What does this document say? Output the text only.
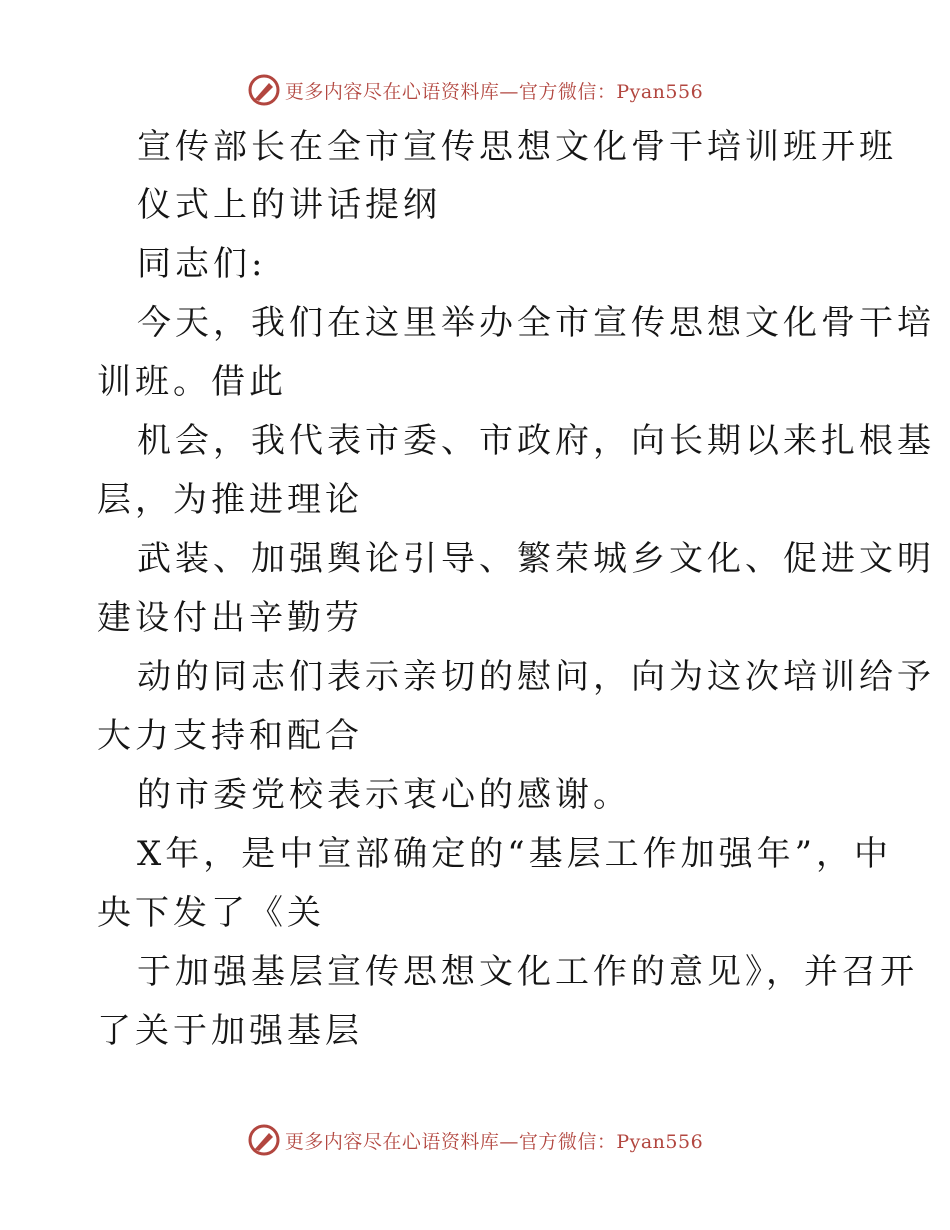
更多内容尽在心语资料库—官方微信：Pyan556
宣传部长在全市宣传思想文化骨干培训班开班
仪式上的讲话提纲
同志们:
今天，我们在这里举办全市宣传思想文化骨干培
训班。借此
机会，我代表市委、市政府，向长期以来扎根基
层，为推进理论
武装、加强舆论引导、繁荣城乡文化、促进文明
建设付出辛勤劳
动的同志们表示亲切的慰问，向为这次培训给予
大力支持和配合
的市委党校表示衷心的感谢。
X年，是中宣部确定的“基层工作加强年”，中
央下发了《关
于加强基层宣传思想文化工作的意见》，并召开
了关于加强基层
更多内容尽在心语资料库—官方微信：Pyan556
